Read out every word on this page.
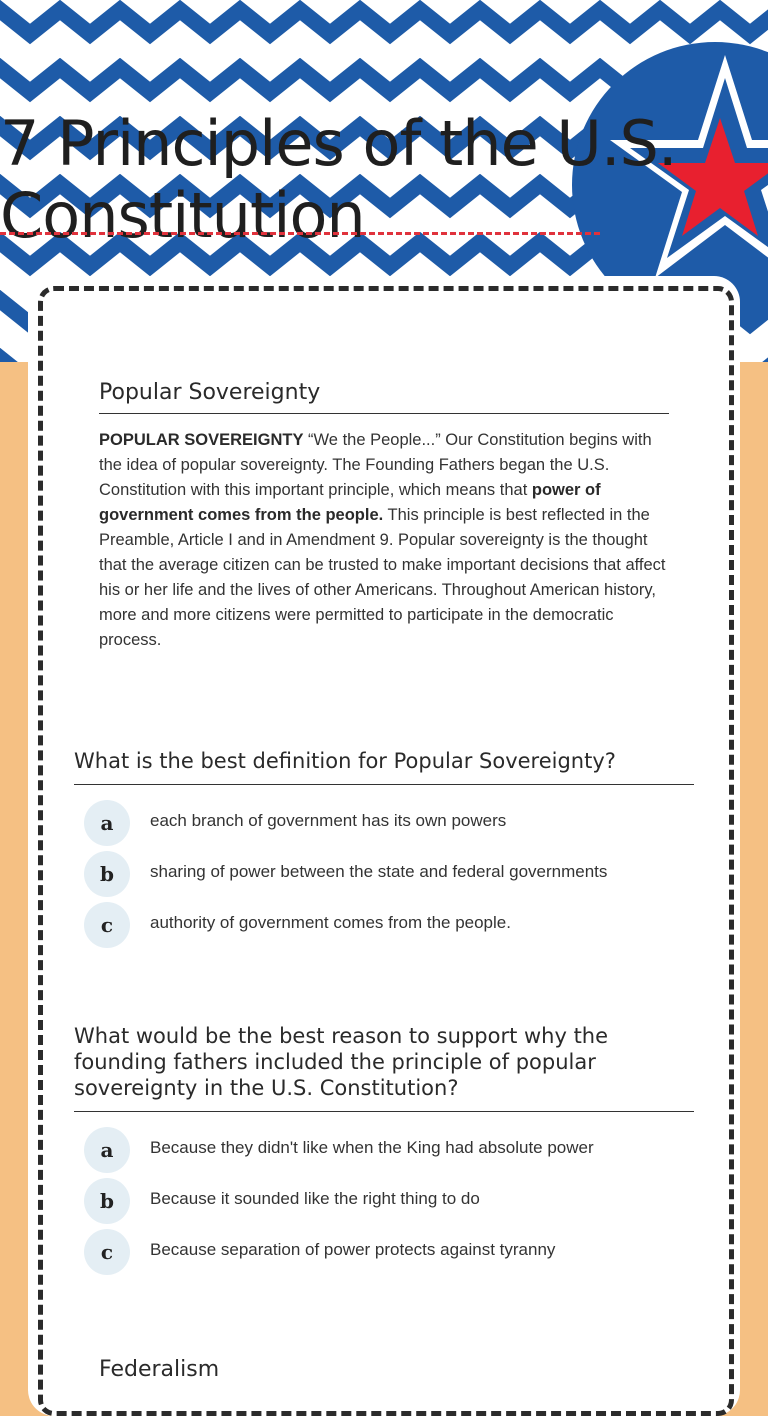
7 Principles of the U.S.
Constitution
Popular Sovereignty
POPULAR SOVEREIGNTY “We the People...” Our Constitution begins with the idea of popular sovereignty. The Founding Fathers began the U.S. Constitution with this important principle, which means that power of government comes from the people. This principle is best reflected in the Preamble, Article I and in Amendment 9. Popular sovereignty is the thought that the average citizen can be trusted to make important decisions that affect his or her life and the lives of other Americans. Throughout American history, more and more citizens were permitted to participate in the democratic process.
What is the best definition for Popular Sovereignty?
a	each branch of government has its own powers
b	sharing of power between the state and federal governments
c	authority of government comes from the people.
What would be the best reason to support why the founding fathers included the principle of popular sovereignty in the U.S. Constitution?
a	Because they didn't like when the King had absolute power
b	Because it sounded like the right thing to do
c	Because separation of power protects against tyranny
Federalism
